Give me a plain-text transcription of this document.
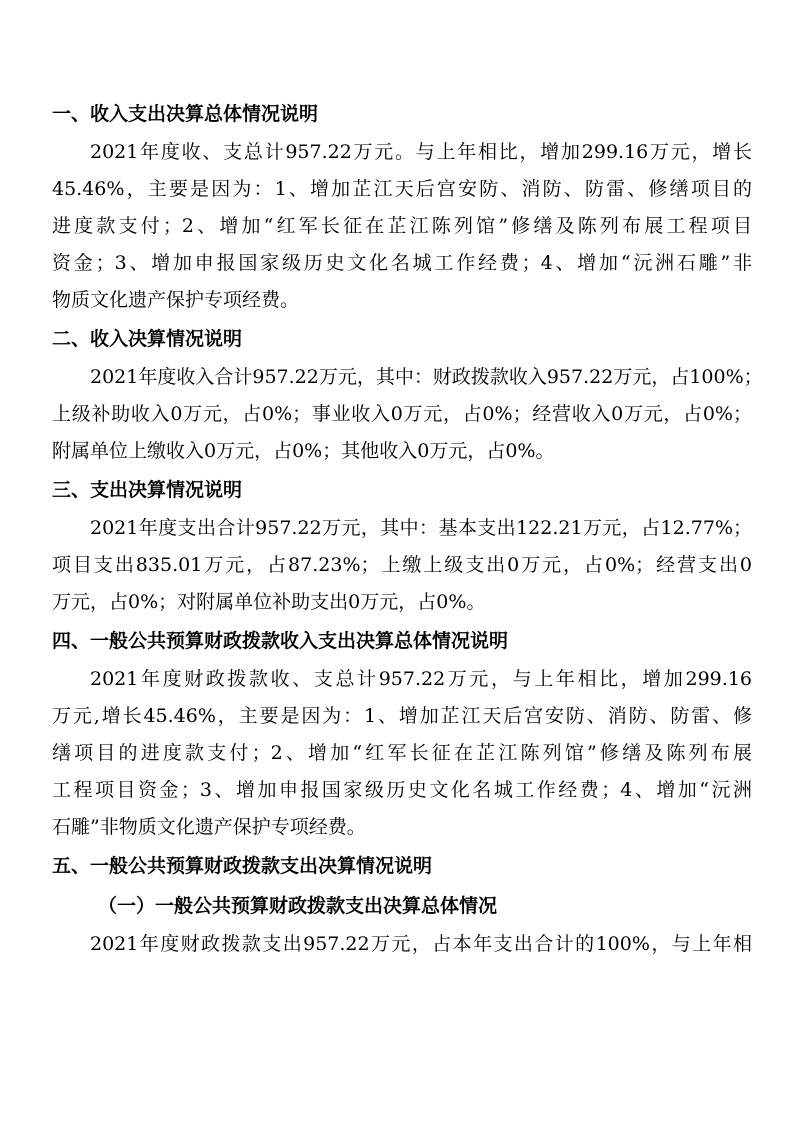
一、收入支出决算总体情况说明
2021年度收、支总计957.22万元。与上年相比，增加299.16万元，增长
45.46%，主要是因为：1、增加芷江天后宫安防、消防、防雷、修缮项目的
进度款支付；2、增加“红军长征在芷江陈列馆”修缮及陈列布展工程项目
资金；3、增加申报国家级历史文化名城工作经费；4、增加“沅洲石雕”非
物质文化遗产保护专项经费。
二、收入决算情况说明
2021年度收入合计957.22万元，其中：财政拨款收入957.22万元，占100%；
上级补助收入0万元，占0%；事业收入0万元，占0%；经营收入0万元，占0%；
附属单位上缴收入0万元，占0%；其他收入0万元，占0%。
三、支出决算情况说明
2021年度支出合计957.22万元，其中：基本支出122.21万元，占12.77%；
项目支出835.01万元，占87.23%；上缴上级支出0万元，占0%；经营支出0
万元，占0%；对附属单位补助支出0万元，占0%。
四、一般公共预算财政拨款收入支出决算总体情况说明
2021年度财政拨款收、支总计957.22万元，与上年相比，增加299.16
万元,增长45.46%，主要是因为：1、增加芷江天后宫安防、消防、防雷、修
缮项目的进度款支付；2、增加“红军长征在芷江陈列馆”修缮及陈列布展
工程项目资金；3、增加申报国家级历史文化名城工作经费；4、增加“沅洲
石雕”非物质文化遗产保护专项经费。
五、一般公共预算财政拨款支出决算情况说明
（一）一般公共预算财政拨款支出决算总体情况
2021年度财政拨款支出957.22万元，占本年支出合计的100%，与上年相
